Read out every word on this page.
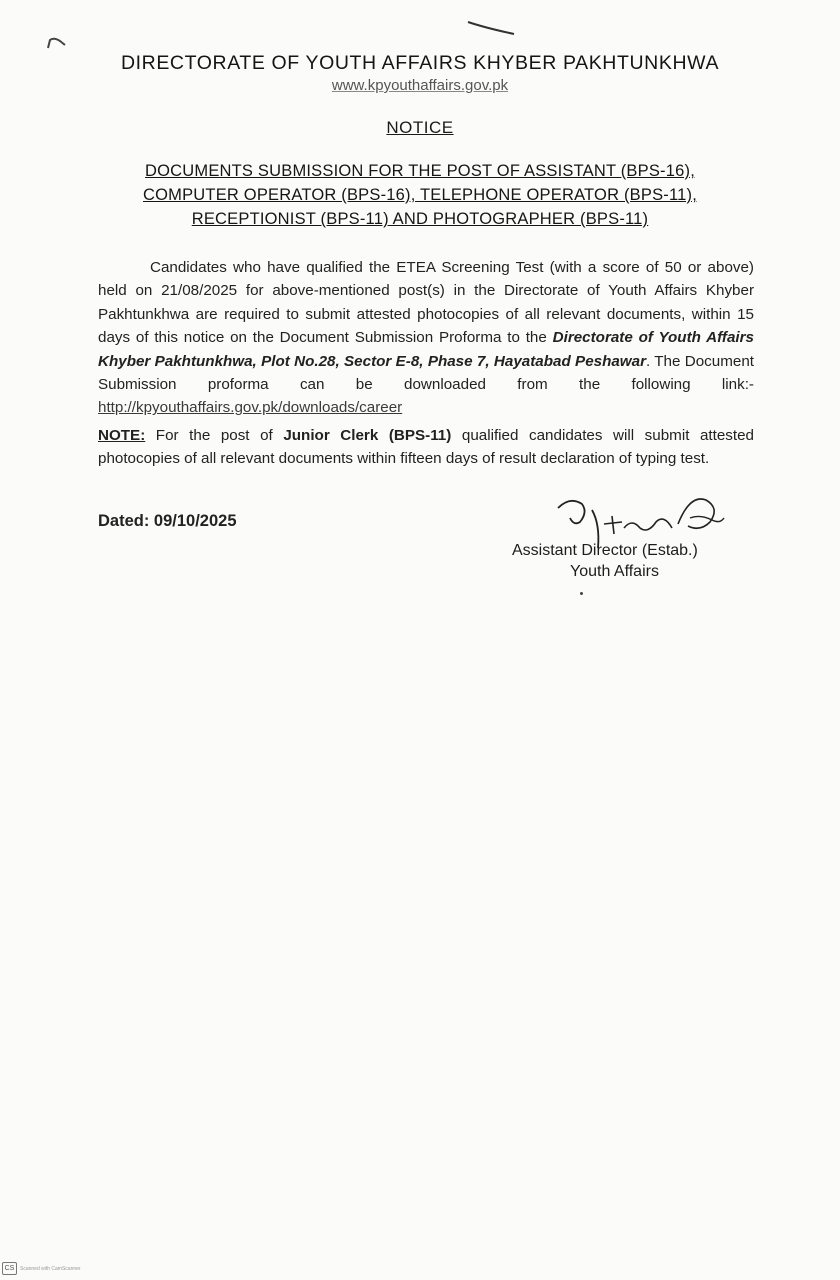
DIRECTORATE OF YOUTH AFFAIRS KHYBER PAKHTUNKHWA
www.kpyouthaffairs.gov.pk
NOTICE
DOCUMENTS SUBMISSION FOR THE POST OF ASSISTANT (BPS-16),
COMPUTER OPERATOR (BPS-16), TELEPHONE OPERATOR (BPS-11),
RECEPTIONIST (BPS-11) AND PHOTOGRAPHER (BPS-11)
Candidates who have qualified the ETEA Screening Test (with a score of 50 or above) held on 21/08/2025 for above-mentioned post(s) in the Directorate of Youth Affairs Khyber Pakhtunkhwa are required to submit attested photocopies of all relevant documents, within 15 days of this notice on the Document Submission Proforma to the Directorate of Youth Affairs Khyber Pakhtunkhwa, Plot No.28, Sector E-8, Phase 7, Hayatabad Peshawar. The Document Submission proforma can be downloaded from the following link:- http://kpyouthaffairs.gov.pk/downloads/career
NOTE: For the post of Junior Clerk (BPS-11) qualified candidates will submit attested photocopies of all relevant documents within fifteen days of result declaration of typing test.
Dated: 09/10/2025
Assistant Director (Estab.)
Youth Affairs
CS	Scanned with CamScanner
